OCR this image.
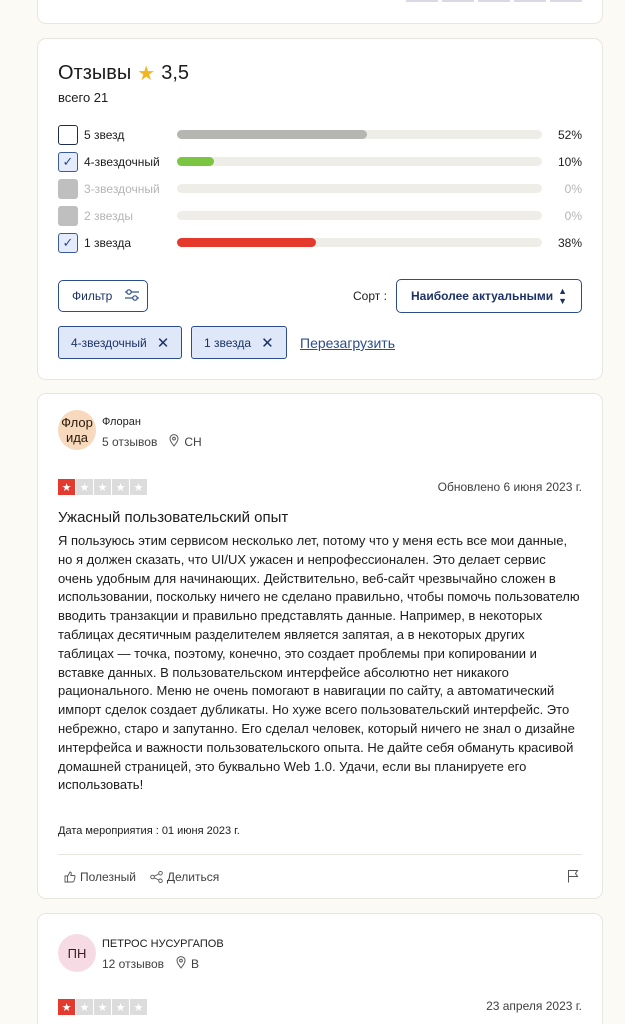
Отзывы ★ 3,5
всего 21
5 звезд	52%
✓ 4-звездочный	10%
3-звездочный	0%
2 звезды	0%
✓ 1 звезда	38%
Фильтр	Сорт : Наиболее актуальными ▲
▼
4-звездочный ✕	1 звезда ✕ Перезагрузить
Флор ида
Флоран
5 отзывов CH
★ ★ ★ ★ ★	Обновлено 6 июня 2023 г.
Ужасный пользовательский опыт
Я пользуюсь этим сервисом несколько лет, потому что у меня есть все мои данные, но я должен сказать, что UI/UX ужасен и непрофессионален. Это делает сервис очень удобным для начинающих. Действительно, веб-сайт чрезвычайно сложен в использовании, поскольку ничего не сделано правильно, чтобы помочь пользователю вводить транзакции и правильно представлять данные. Например, в некоторых таблицах десятичным разделителем является запятая, а в некоторых других таблицах — точка, поэтому, конечно, это создает проблемы при копировании и вставке данных. В пользовательском интерфейсе абсолютно нет никакого рационального. Меню не очень помогают в навигации по сайту, а автоматический импорт сделок создает дубликаты. Но хуже всего пользовательский интерфейс. Это небрежно, старо и запутанно. Его сделал человек, который ничего не знал о дизайне интерфейса и важности пользовательского опыта. Не дайте себя обмануть красивой домашней страницей, это буквально Web 1.0. Удачи, если вы планируете его использовать!
Дата мероприятия : 01 июня 2023 г.
Полезный	Делиться
ПН
ПЕТРОС НУСУРГАПОВ
12 отзывов B
★ ★ ★ ★ ★	23 апреля 2023 г.
